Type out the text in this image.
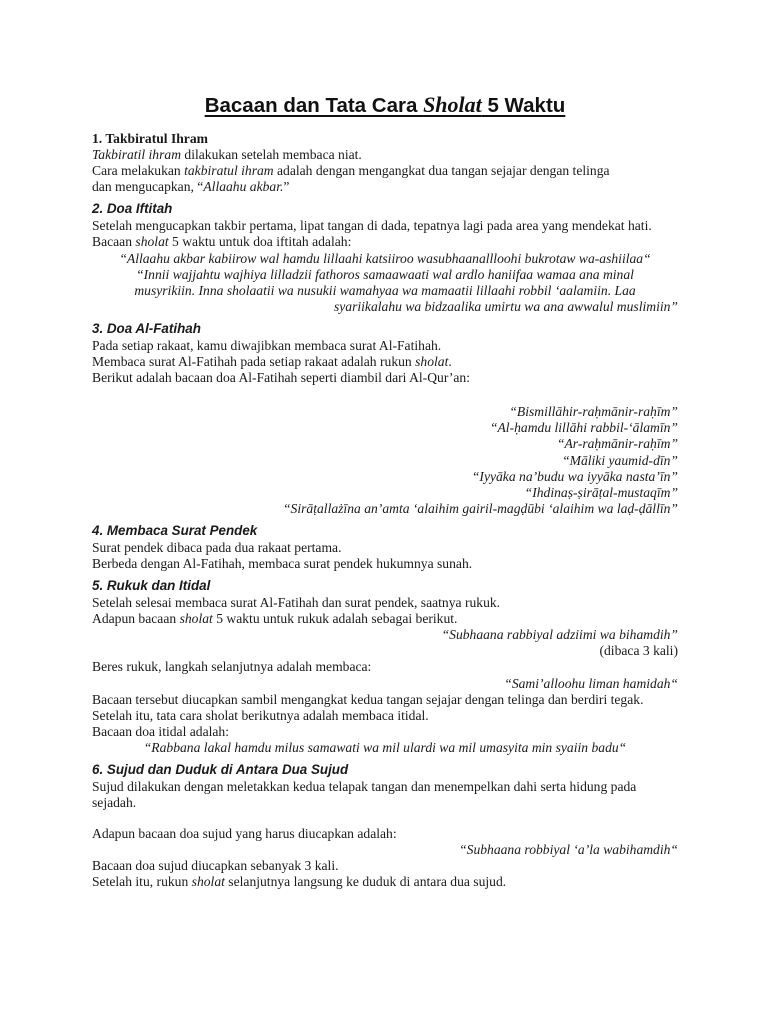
Bacaan dan Tata Cara Sholat 5 Waktu

1. Takbiratul Ihram

Takbiratil ihram dilakukan setelah membaca niat.

Cara melakukan takbiratul ihram adalah dengan mengangkat dua tangan sejajar dengan telinga

dan mengucapkan, “Allaahu akbar.”

2. Doa Iftitah

Setelah mengucapkan takbir pertama, lipat tangan di dada, tepatnya lagi pada area yang mendekat hati.

Bacaan sholat 5 waktu untuk doa iftitah adalah:

“Allaahu akbar kabiirow wal hamdu lillaahi katsiiroo wasubhaanallloohi bukrotaw wa-ashiilaa“

“Innii wajjahtu wajhiya lilladzii fathoros samaawaati wal ardlo haniifaa wamaa ana minal

musyrikiin. Inna sholaatii wa nusukii wamahyaa wa mamaatii lillaahi robbil ‘aalamiin. Laa

syariikalahu wa bidzaalika umirtu wa ana awwalul muslimiin”

3. Doa Al-Fatihah

Pada setiap rakaat, kamu diwajibkan membaca surat Al-Fatihah.

Membaca surat Al-Fatihah pada setiap rakaat adalah rukun sholat.

Berikut adalah bacaan doa Al-Fatihah seperti diambil dari Al-Qur’an:

“Bismillāhir-raḥmānir-raḥīm”

“Al-ḥamdu lillāhi rabbil-‘ālamīn”

“Ar-raḥmānir-raḥīm”

“Māliki yaumid-dīn”

“Iyyāka na’budu wa iyyāka nasta’īn”

“Ihdinaṣ-ṣirāṭal-mustaqīm”

“Sirāṭallażīna an’amta ‘alaihim gairil-magḍūbi ‘alaihim wa laḍ-ḍāllīn”

4. Membaca Surat Pendek

Surat pendek dibaca pada dua rakaat pertama.

Berbeda dengan Al-Fatihah, membaca surat pendek hukumnya sunah.

5. Rukuk dan Itidal

Setelah selesai membaca surat Al-Fatihah dan surat pendek, saatnya rukuk.

Adapun bacaan sholat 5 waktu untuk rukuk adalah sebagai berikut.

“Subhaana rabbiyal adziimi wa bihamdih”

(dibaca 3 kali)

Beres rukuk, langkah selanjutnya adalah membaca:

“Sami’alloohu liman hamidah“

Bacaan tersebut diucapkan sambil mengangkat kedua tangan sejajar dengan telinga dan berdiri tegak.

Setelah itu, tata cara sholat berikutnya adalah membaca itidal.

Bacaan doa itidal adalah:

“Rabbana lakal hamdu milus samawati wa mil ulardi wa mil umasyita min syaiin badu“

6. Sujud dan Duduk di Antara Dua Sujud

Sujud dilakukan dengan meletakkan kedua telapak tangan dan menempelkan dahi serta hidung pada sejadah.

Adapun bacaan doa sujud yang harus diucapkan adalah:

“Subhaana robbiyal ‘a’la wabihamdih“

Bacaan doa sujud diucapkan sebanyak 3 kali.

Setelah itu, rukun sholat selanjutnya langsung ke duduk di antara dua sujud.
